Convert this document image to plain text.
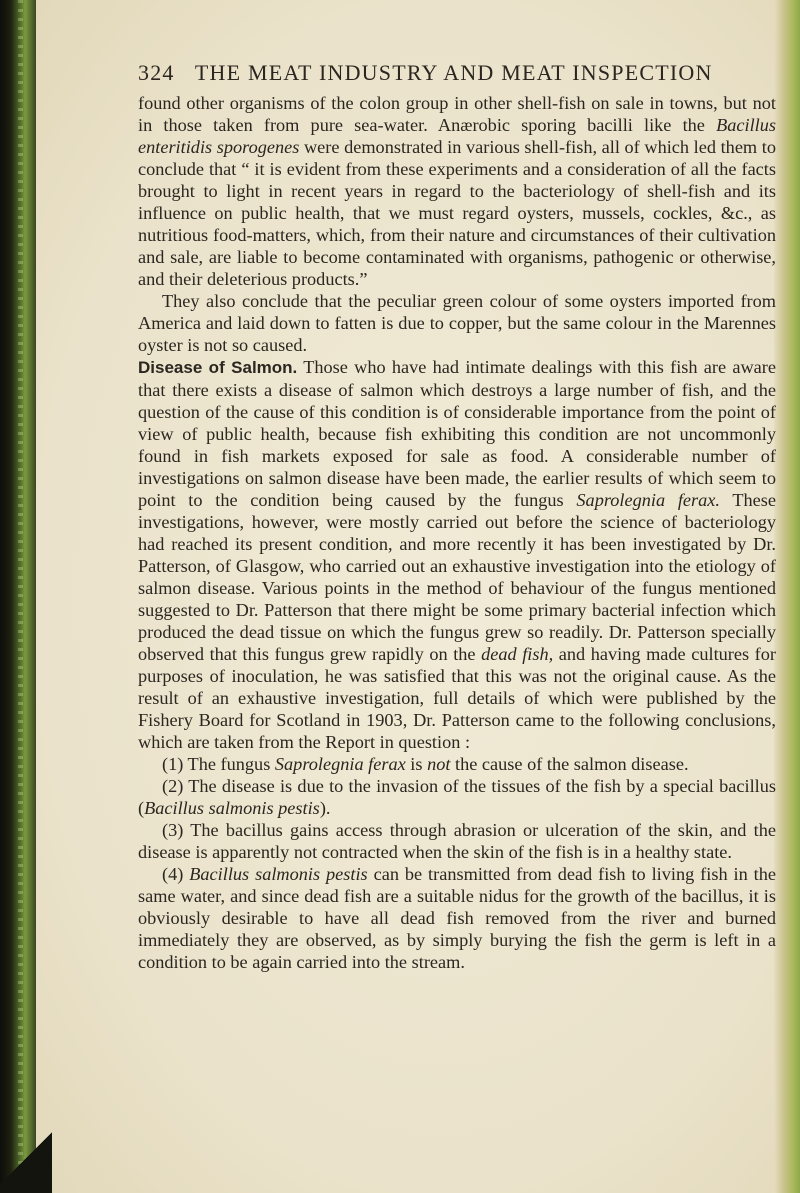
324 THE MEAT INDUSTRY AND MEAT INSPECTION

found other organisms of the colon group in other shell-fish on sale in towns, but not in those taken from pure sea-water. Anærobic sporing bacilli like the Bacillus enteritidis sporogenes were demonstrated in various shell-fish, all of which led them to conclude that “ it is evident from these experiments and a consideration of all the facts brought to light in recent years in regard to the bacteriology of shell-fish and its influence on public health, that we must regard oysters, mussels, cockles, &c., as nutritious food-matters, which, from their nature and circumstances of their cultivation and sale, are liable to become contaminated with organisms, pathogenic or otherwise, and their deleterious products.”

They also conclude that the peculiar green colour of some oysters imported from America and laid down to fatten is due to copper, but the same colour in the Marennes oyster is not so caused.

Disease of Salmon. Those who have had intimate dealings with this fish are aware that there exists a disease of salmon which destroys a large number of fish, and the question of the cause of this condition is of considerable importance from the point of view of public health, because fish exhibiting this condition are not uncommonly found in fish markets exposed for sale as food. A considerable number of investigations on salmon disease have been made, the earlier results of which seem to point to the condition being caused by the fungus Saprolegnia ferax. These investigations, however, were mostly carried out before the science of bacteriology had reached its present condition, and more recently it has been investigated by Dr. Patterson, of Glasgow, who carried out an exhaustive investigation into the etiology of salmon disease. Various points in the method of behaviour of the fungus mentioned suggested to Dr. Patterson that there might be some primary bacterial infection which produced the dead tissue on which the fungus grew so readily. Dr. Patterson specially observed that this fungus grew rapidly on the dead fish, and having made cultures for purposes of inoculation, he was satisfied that this was not the original cause. As the result of an exhaustive investigation, full details of which were published by the Fishery Board for Scotland in 1903, Dr. Patterson came to the following conclusions, which are taken from the Report in question :

(1) The fungus Saprolegnia ferax is not the cause of the salmon disease.

(2) The disease is due to the invasion of the tissues of the fish by a special bacillus (Bacillus salmonis pestis).

(3) The bacillus gains access through abrasion or ulceration of the skin, and the disease is apparently not contracted when the skin of the fish is in a healthy state.

(4) Bacillus salmonis pestis can be transmitted from dead fish to living fish in the same water, and since dead fish are a suitable nidus for the growth of the bacillus, it is obviously desirable to have all dead fish removed from the river and burned immediately they are observed, as by simply burying the fish the germ is left in a condition to be again carried into the stream.
